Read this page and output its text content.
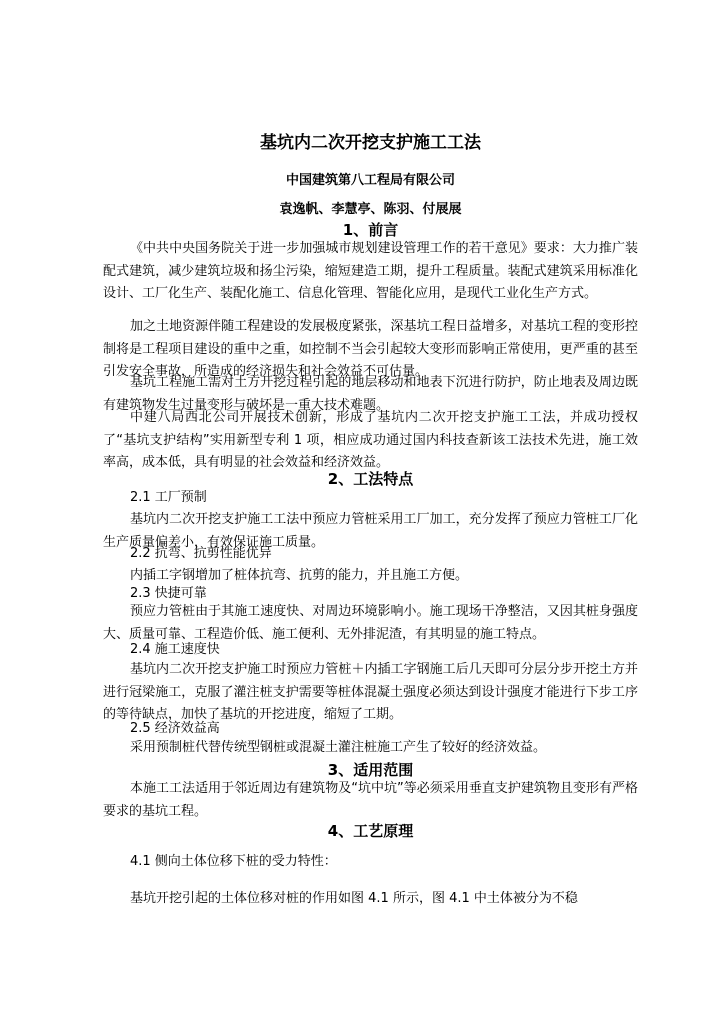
基坑内二次开挖支护施工工法
中国建筑第八工程局有限公司
袁逸帆、李慧亭、陈羽、付展展
1、前言

《中共中央国务院关于进一步加强城市规划建设管理工作的若干意见》要求：大力推广装配式建筑，减少建筑垃圾和扬尘污染，缩短建造工期，提升工程质量。装配式建筑采用标准化设计、工厂化生产、装配化施工、信息化管理、智能化应用，是现代工业化生产方式。

加之土地资源伴随工程建设的发展极度紧张，深基坑工程日益增多，对基坑工程的变形控制将是工程项目建设的重中之重，如控制不当会引起较大变形而影响正常使用，更严重的甚至引发安全事故，所造成的经济损失和社会效益不可估量。

基坑工程施工需对土方开挖过程引起的地层移动和地表下沉进行防护，防止地表及周边既有建筑物发生过量变形与破坏是一重大技术难题。

中建八局西北公司开展技术创新，形成了基坑内二次开挖支护施工工法，并成功授权了“基坑支护结构”实用新型专利 1 项，相应成功通过国内科技查新该工法技术先进，施工效率高，成本低，具有明显的社会效益和经济效益。

2、工法特点
2.1 工厂预制

基坑内二次开挖支护施工工法中预应力管桩采用工厂加工，充分发挥了预应力管桩工厂化生产质量偏差小，有效保证施工质量。

2.2 抗弯、抗剪性能优异

内插工字钢增加了桩体抗弯、抗剪的能力，并且施工方便。

2.3 快捷可靠

预应力管桩由于其施工速度快、对周边环境影响小。施工现场干净整洁，又因其桩身强度大、质量可靠、工程造价低、施工便利、无外排泥渣，有其明显的施工特点。

2.4 施工速度快

基坑内二次开挖支护施工时预应力管桩＋内插工字钢施工后几天即可分层分步开挖土方并进行冠梁施工，克服了灌注桩支护需要等桩体混凝土强度必须达到设计强度才能进行下步工序的等待缺点，加快了基坑的开挖进度，缩短了工期。

2.5 经济效益高

采用预制桩代替传统型钢桩或混凝土灌注桩施工产生了较好的经济效益。

3、适用范围

本施工工法适用于邻近周边有建筑物及“坑中坑”等必须采用垂直支护建筑物且变形有严格要求的基坑工程。

4、工艺原理
4.1 侧向土体位移下桩的受力特性：

基坑开挖引起的土体位移对桩的作用如图 4.1 所示，图 4.1 中土体被分为不稳
